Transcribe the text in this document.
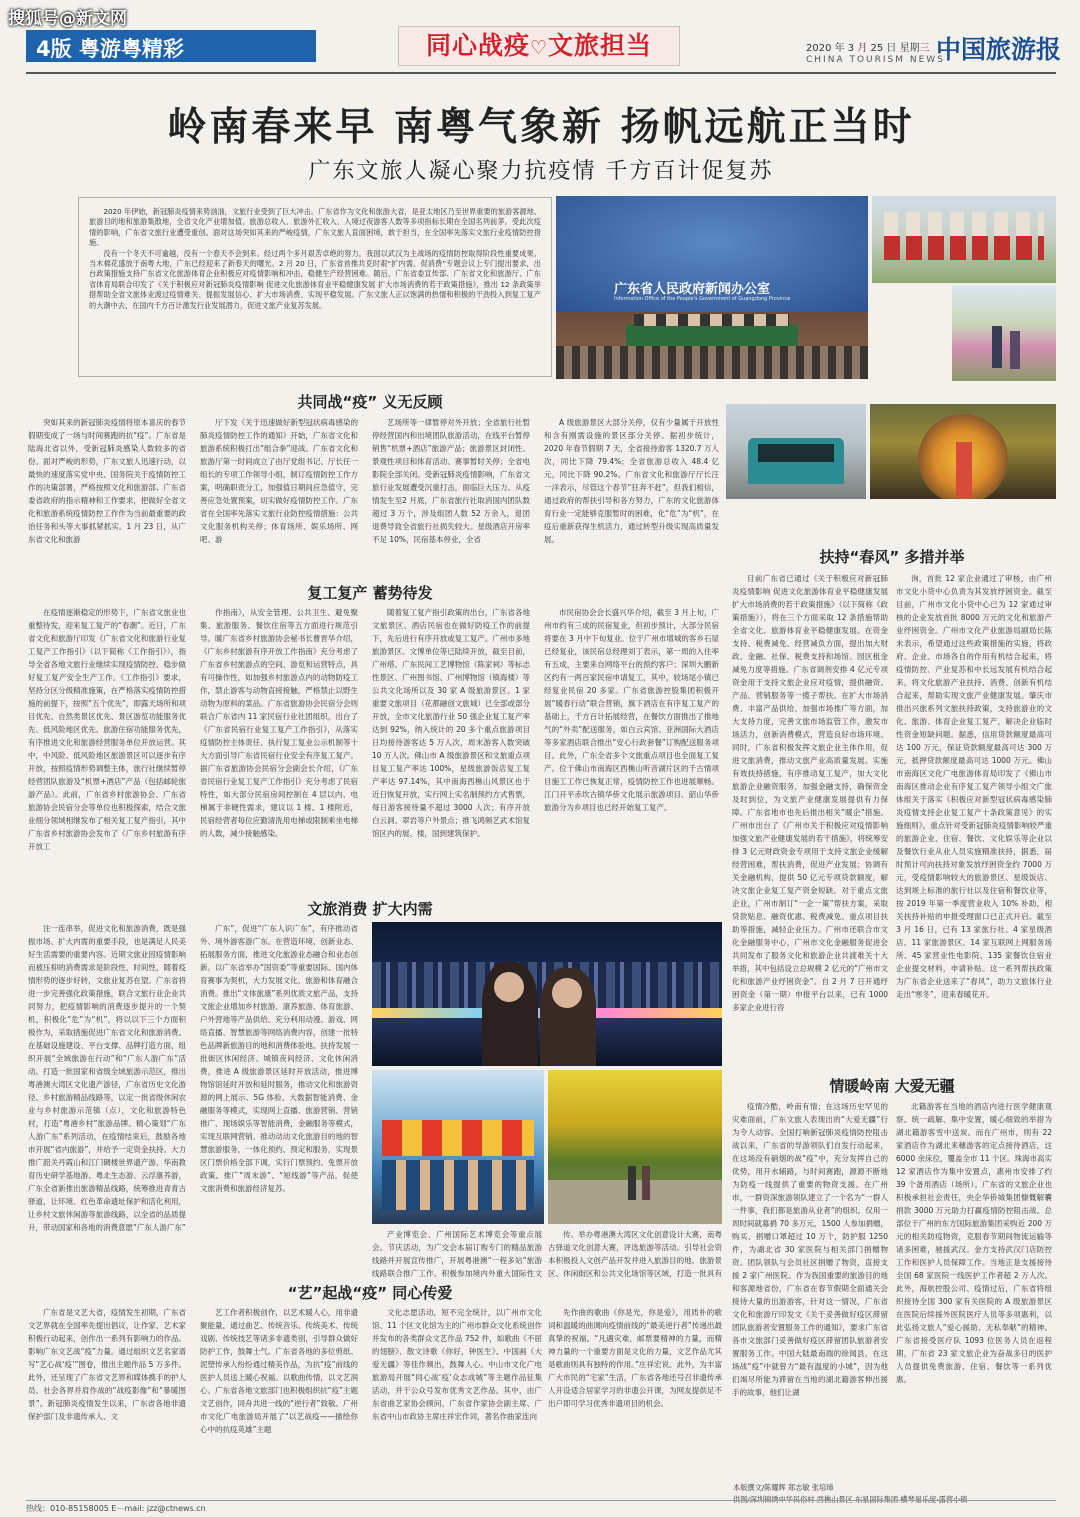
搜狐号@新文网
4版 粤游粤精彩	同心战疫♡文旅担当	2020 年 3 月 25 日 星期三
CHINA TOURISM NEWS
中国旅游报
岭南春来早 南粤气象新 扬帆远航正当时
广东文旅人凝心聚力抗疫情 千方百计促复苏

2020 年伊始，新冠肺炎疫情来势汹汹，文旅行业受到了巨大冲击。广东省作为文化和旅游大省，是亚太地区乃至世界重要的旅游客源地、旅游目的地和旅游集散地，全省文化产业增加值、旅游总收入、旅游外汇收入、入境过夜游客人数等多项指标长期在全国名列前茅。受此次疫情的影响，广东省文旅行业遭受重创。面对这场突如其来的严峻疫情，广东文旅人直面困境，敢于担当，在全国率先落实文旅行业疫情防控措施。

没有一个冬天不可逾越，没有一个春天不会到来。经过两个多月艰苦卓绝的努力，我国以武汉为主战场的疫情防控取得阶段性重要成果。当木棉花盛放于南粤大地，广东已经迎来了新春天的曙光。2 月 20 日，广东省首推共克时艰“扩内需、促消费”专题会议上专门提出要求，出台政策措施支持广东省文化旅游体育企业积极应对疫情影响和冲击，稳健生产经营困难。随后，广东省委宣传部、广东省文化和旅游厅、广东省体育局联合印发了《关于积极应对新冠肺炎疫情影响 促进文化旅游体育业平稳健康发展 扩大市场消费的若干政策措施》，推出 12 条政策举措帮助全省文旅体业渡过疫情难关、提振发展信心、扩大市场消费、实现平稳发展。广东文旅人正以饱满的热情和积极的干劲投入到复工复产的大潮中去，在国内千方百计激发行业发展潜力，促进文旅产业复苏发展。

广东省人民政府新闻办公室
Information Office of the People's Government of Guangdong Province
共同战“疫” 义无反顾
复工复产 蓄势待发
文旅消费 扩大内需
扶持“春风” 多措并举
“艺”起战“疫” 同心传爱
情暖岭南 大爱无疆

突如其来的新冠肺炎疫情将原本喜庆的春节假期变成了一场与时间赛跑的抗“疫”。广东省是陆海北省以外，受新冠肺炎感染人数较多的省份。面对严峻的形势，广东文旅人迅速行动，以最快的速度落实党中央、国务院关于疫情防控工作的决策部署，严格按照文化和旅游部、广东省委省政府的指示精神和工作要求，把做好全省文化和旅游系统疫情防控工作作为当前最重要的政治任务和头等大事抓紧抓实。1 月 23 日，从广东省文化和旅游

厅下发《关于迅速做好新型冠状病毒感染的肺炎疫情防控工作的通知》开始，广东省文化和旅游系统积极打出“组合拳”迎战。广东省文化和旅游厅第一时间成立了由厅党组书记、厅长任一组长的专项工作领导小组，制订疫情防控工作方案，明确职责分工，加强值日期间应急值守，完善应急处置预案，切实做好疫情防控工作。广东省在全国率先落实文旅行业防控疫情措施：公共文化服务机构关停；体育场所、娱乐场所、网吧、游

艺场所等一律暂停对外开放；全省旅行社暂停经营国内和出境团队旅游活动，在线平台暂停销售“机票+酒店”旅游产品；旅游景区封闭性、景观性项目和体育活动、赛事暂时关停；全省电影院全部关闭。受新冠肺炎疫情影响，广东省文旅行业发展遭受沉重打击，面临巨大压力。从疫情发生至2 月底，广东省旅行社取消国内团队数超过 3 万个，涉及组团人数 52 万余人，退团退费导致全省旅行社损失较大。星级酒店开房率不足 10%，民宿基本停业，全省

A 级旅游景区大部分关停，仅有少量属于开放性和含有刚需设施的景区部分关停。据初步统计，2020 年春节假期 7 天，全省接待游客 1320.7 万人次，同比下降 79.4%；全省旅游总收入 48.4 亿元，同比下降 90.2%。广东省文化和旅游厅厅长汪一洋表示，尽管这个春节“狂奔不赶”，但我们相信，通过政府的帮扶引导和各方努力，广东的文化旅游体育行业一定能够克服暂时的困难，化“危”为“机”，在疫后重新获得生机活力，通过转型升级实现高质量发展。

在疫情逐渐稳定的形势下，广东省文旅业也重整待发，迎来复工复产的“春潮”。近日，广东省文化和旅游厅印发《广东省文化和旅游行业复工复产工作指引》（以下简称《工作指引》），指导全省各地文旅行业继续实现疫情防控、稳步做好复工复产安全生产工作。《工作指引》要求，坚持分区分级精准施策，在严格落实疫情防控措施的前提下，按照“五个优先”，即露天场所和项目优先、自然类景区优先、景区游览功能服务优先、低风险地区优先、旅游住宿功能服务优先，有序推进文化和旅游经营服务单位开放运营。其中，中风险、低风险地区旅游景区可以逐步有序开放，按照疫情形势调整主体，旅行社继续暂停经营团队旅游及“机票+酒店”产品（包括邮轮旅游产品）。此前，广东省乡村旅游协会、广东省旅游协会民宿分会等单位也积极探索，结合文旅业细分领域相继发布了相关复工复产指引，其中广东省乡村旅游协会发布了《广东乡村旅游有序开放工

作指南》，从安全管理、公共卫生、避免聚集、旅游服务、餐饮住宿等五方面进行规范引导。暖广东省乡村旅游协会秘书长曹晋华介绍，《广东乡村旅游有序开放工作指南》充分考虑了广东省乡村旅游点的空间、游览和运营特点，具有可操作性，如加强乡村旅游点内的动物防疫工作，禁止游客与动物直接接触，严格禁止以野生动物为原料的菜品。广东省旅游协会民宿分会则联合广东省内 11 家民宿行业社团组织，出台了《广东省民宿行业复工复产工作指引》，从落实疫情防控主体责任、执行复工复业公示机制等十大方面引导广东省民宿行业安全有序复工复产。据广东省旅游协会民宿分会副会长介绍，《广东省民宿行业复工复产工作指引》充分考虑了民宿特性，如大部分民宿房间控制在 4 层以内、电梯属于非硬性需求，建议以 1 楼、1 楼附近，民宿经营者每位应勤清洗用电梯或限制乘坐电梯的人数，减少接触感染。

随着复工复产指引政策的出台，广东省各地文旅景区、酒店民宿也在做好防疫工作的前提下，先后进行有序开放或复工复产。广州市多地旅游景区、文博单位等已陆续开放，截至目前，广州塔、广东民间工艺博物馆（陈家祠）等标志性景区、广州图书馆、广州博物馆（镇海楼）等公共文化场所以及 30 家 A 级旅游景区、1 家重要文旅项目（花都融创文旅城）已全部或部分开放，全市文化旅游行业 50 强企业复工复产率达到 92%，纳入统计的 20 多个重点旅游项目日均接待游客达 5 万人次，周末游客人数突破 10 万人次。佛山市 A 级旅游景区和文旅重点项目复工复产率达 100%，星级旅游饭店复工复产率达 97.14%，其中南海西樵山风景区也于近日恢复开放，实行网上实名制预约方式售票，每日游客接待量不超过 3000 人次；有序开放白云洞、翠岩等户外景点；推飞鸿频艺武术馆复馆区内的展、楼，国到建筑保护。

市民宿协会会长盛兴华介绍，截至 3 月上旬，广州市约有三成的民宿复业，但初步预计，大部分民宿将要在 3 月中下旬复业。位于广州市增城的客乡石屋已经复业，该民宿总经理刘丁表示，第一周的入住率有五成，主要来自网络平台的预约客户；深圳大鹏新区约有一两百家民宿申请复工，其中，较场尾小镇已经复业民宿 20 多家。广东省旅游控股集团积极开展“暖春行动”联合营销，旗下酒店在有序复工复产的基础上，千方百计拓展经营，在餐饮方面推出了推地气的“外卖”配送服务，如白云宾馆、亚洲国际大酒店等多家酒店联合推出“安心行政套餐”订购配送服务项目。此外，广东全省多个文旅重点项目也全面复工复产。位于佛山市南海区西樵山听音湖片区的千古情项目施工工作已恢复正常，疫情防控工作也进展顺畅。江门开平赤坎古镇华侨文化展示旅游项目、韶山华侨旅游分为乡项目也已经开始复工复产。

注一连串举，促进文化和旅游消费，既是强振市场、扩大内需的重要手段，也是满足人民美好生活需要的重要内容。近期文旅业因疫情影响而被压抑的消费需求是阶段性、时间性，随着疫情形势的逐步好转，文旅业复苏在望。广东省将进一步完善强化政策措施，联合文旅行业企业共同努力，把疫情影响的消费逐步提升的一个契机，积极化“危”为“机”，将以以下三个方面积极作为，采取措施促进广东省文化和旅游消费。在基础设施建设、平台支撑、品牌打造方面，组织开展“全域旅游在行动”和“广东人游广东”活动。打造一批国家和省级全域旅游示范区，推出粤港澳大湾区文化遗产游径，广东省历史文化游径、乡村旅游精品线路等，以定一批省级休闲农业与乡村旅游示范镇（点），文化和旅游特色村，打造“粤港乡村”旅游品牌。精心策划“广东人游广东”系列活动，在疫情结束后，鼓励各地市开展“省内旅游”，并给予一定资金扶持。大力推广韶关丹霞山和江门碉楼世界遗产游、华南教育历史研学基地游、粤北生态游、云浮康养游，广东全省新推出旅游精品线路，统筹推进青青古驿道，让环境、红色革命遗址保护和活化利用，让乡村文旅休闲游等旅游线路，以全省的品质提升，带动国家和各地的消费意愿“广东人游广东”

广东”，促进“广东人识广东”，有序推动省外、境外游客游广东。在营造环境、创新业态、拓展服务方面，推进文化旅游业态融合和业态创新。以广东省举办“国资委”等重要国际、国内体育赛事为契机，大力发展文化、旅游和体育融合消费。推出“文体旅康”系列优质文旅产品，支持文旅企业增加乡村旅游、康养旅游、体育旅游、户外营地等产品供给。充分利用动漫、游戏、网络直播、智慧旅游等网络消费内容，创建一批特色品牌新旅游目的地和消费体验地。扶持发展一批街区休闲经济、城镇夜间经济、文化休闲消费，推进 A 级旅游景区延时开放活动，推进博物馆馆延时开放和延时服务，推动文化和旅游资源的网上展示、5G 体验、大数据智能消费、金融服务等模式，实现网上直播、旅游营销、营销推广、现场娱乐等智能消费，金融服务等模式，实现互联网营销、推动动动文化旅游目的地的智慧旅游服务，一体化预约、预定和服务，实现景区门票价格全部下调，实行门票预约、免票开放政策。推广“周末游”、“短线游”等产品，促使文旅消费和旅游经济复苏。

产业博览会、广州国际艺术博览会等重点展会。节庆活动，为广交会本届订购专门的精品旅游线路并开展宣传推广，开展粤港澳“一程多站”旅游线路联合推广工作。积极参加境内外重大国际性文

传。举办粤港澳大湾区文化创意设计大赛，南粤古驿道文化创意大赛，评选旅游等活动。引导社会资本积极投入文创产品开发并进入旅游目的地、旅游景区、休闲街区和公共文化场馆等区域，打造一批具有

目前广东省已通过《关于积极应对新冠肺炎疫情影响 促进文化旅游体育业平稳健康发展 扩大市场消费的若干政策措施》（以下简称《政策措施》），将在三个方面采取 12 条措施帮助全省文化、旅游体育业平稳健康发展。在资金支持、税费减免、经营减负方面，提出加大财政、金融、社保、税费支持和场馆、园区租金减免力度等措施。广东省调剂安排 4 亿元专项资金用于支持文旅企业应对疫情，提供融资、产品、营销服务等一揽子帮扶。在扩大市场消费、丰富产品供给、加强市场推广等方面，加大支持力度，完善文旅市场监管工作，激发市场活力，创新消费模式，营造良好市场环境。同时，广东省积极发挥文旅企业主体作用，促进文旅消费，推动文旅产业高质量发展。实施有效扶持措施，有序推动复工复产，加大文化旅游企业融资服务，加强金融支持，确保资金及时到位，为文旅产业健康发展提供有力保障。广东省地市也先后推出相关“暖企”措施。广州市出台了《广州市关于积极应对疫情影响加强文旅产业健康发展的若干措施》，将统筹安排 3 亿元财政资金专项用于支持文旅企业缓解经营困难，帮扶消费，促进产业发展；协调有关金融机构，提供 50 亿元专项贷款额度，解决文旅企业复工复产资金短缺。对于重点文旅企业，广州市制订“一企一策”帮扶方案，采取贷款贴息、融资优惠、税费减免、重点项目扶助等措施，减轻企业压力。广州市还联合市文化金融服务中心，广州市文化金融服务促进会共同发布了服务文化和旅游企业共渡难关十大举措，其中包括设立总规模 2 亿元的“广州市文化和旅游产业纾困资金”。自 2 月 7 日开通纾困资金（第一期）申报平台以来，已有 1000 多家企业进行咨

询，首批 12 家企业通过了审核，由广州市文化小贷中心负责为其发放纾困资金。截至目前，广州市文化小贷中心已为 12 家通过审核的企业发放首批 8000 万元的文化和旅游产业纾困资金。广州市文化产业旅游局副局长陈未表示，希望通过这些政策措施的实施，将政府、企业、市场各自的作用有机结合起来，将疫情防控、产业复苏和中长远发展有机结合起来，将文化旅游产业扶持、消费、创新有机结合起来，帮助实现文旅产业健康发展。肇庆市推出兴旅系列文旅扶持政策，支持旅游业的文化、旅游、体育企业复工复产，解决企业临时性资金短缺问题。据悉，信用贷款额度最高可达 100 万元，保证贷款额度最高可达 300 万元，抵押贷款额度最高可达 1000 万元。佛山市南海区文化广电旅游体育局印发了《佛山市南海区推动企业有序复工复产领导小组文广旅体组关于落实《积极应对新型冠状病毒感染肺炎疫情支持企业复工复产十条政策意见》的实施细则》，重点针对受新冠肺炎疫情影响较严重的旅游企业、住宿、餐饮、文化娱乐等企业以及餐饮行业从业人员实施精准扶持，据悉，届时预计可向扶持对象发放纾困资金约 7000 万元，受疫情影响较大的旅游景区、星级饭店、达到规上标准的旅行社以及住宿和餐饮业等，按 2019 年第一季度营业收入 10% 补助，相关扶持补贴的申报受理窗口已正式开启。截至 3 月 16 日，已有 13 家旅行社、4 家星级酒店、11 家旅游景区、14 家互联网上网服务场所、45 家营业性电影院、135 家餐饮住宿业企业提交材料，申请补贴。这一系列帮扶政策为广东省企业送来了“春风”，助力文旅体行业走出“寒冬”，迎来春暖花开。

广东省是文艺大省，疫情发生初期，广东省文艺界就在全国率先提出倡议，让作家、艺术家积极行动起来，创作出一系列有影响力的作品。影响广东文艺战“疫”力量。通过组织文艺名家谱写“艺心战‘疫’”图卷，推出主题作品 5 万多件。此外，还呈现了广东省文艺界和媒体携手的护人员、社会各界并肩作战的“战疫影像”和“暴暖图景”。新冠肺炎疫情发生以来，广东省各地非遗保护部门及非遗传承人、文

艺工作者积极创作，以艺术暖人心，用非遗聚能量，通过曲艺、传统音乐、传统美术、传统戏剧、传统技艺等诸多非遗类别，引导群众做好防护工作，鼓舞士气。广东省各地的多位剪纸、泥塑传承人纷纷通过精美作品，为抗“疫”前线的医护人员送上暖心祝福。以歌曲传情，以文艺润心。广东省各地文旅部门也积极组织抗“疫”主题文艺创作，同舟共进一线的“逆行者”致敬。广州市文化广电旅游局开展了“以艺战疫——描绘你心中的抗疫英雄”主题

文化志愿活动，短不完全统计，以广州市文化馆、11 个区文化馆为主的广州市群众文化系统创作并发布的各类群众文艺作品 752 件，如歌曲《不屈的翅膀》、散文诗歌《你好，钟医生》、中国画《大爱无疆》等佳作频出，鼓舞人心。中山市文化广电旅游局开展“同心战‘疫’众志成城”等主题作品征集活动，并于公众号发布优秀文艺作品。其中，由广东省曲艺家协会顾问、广东省作家协会副主席、广东省中山市政协主席庄祥宏作词，著名作曲家连向

先作曲的歌曲《你是光，你是爱》，用质朴的歌词和温暖的曲调向疫情前线的“最美逆行者”传递出最真挚的祝福。“凡遇灾难，邮票要精神的力量，而精神力量的一个重要方面是文化的力量，文艺作品尤其是歌曲则具有独特的作用。”庄祥宏说。此外，为丰富广大市民的“宅家”生活，广东省各地还号召非遗传承人开设适合居家学习的非遗公开课，为网友提供足不出户即可学习优秀非遗项目的机会。

疫情冷酷，岭南有情；在这场历史罕见的灾难面前，广东文旅人表现出的“大爱无疆”行为令人动容。全国打响新冠肺炎疫情防控阻击战以来，广东省的导游领队们自发行动起来，在这场没有硝烟的战“疫”中，充分发挥自己的优势，用开水辅路，与时间赛跑，源源不断地为防疫一线提供了重要的物资支援。在广州市，一群资深旅游领队建立了一个名为“一群人一件事，我们都是旅游从业者”的组织。仅用一周时间就募捐 70 多万元，1500 人参加捐赠，购买、捐赠口罩超过 10 万个，防护服 1250 件，为湖北省 30 家医院与相关部门捐赠物资。团队领队与会员社区捐赠了物资，直接支援 2 家广州医院。作为我国重要的旅游目的地和客源地省份，广东省在春节假期全面通关会接待大量的出游游客，针对这一情况，广东省文化和旅游厅印发文《关于妥善做好疫区滞留团队旅游者安置服务工作的通知》，要求广东省各市文旅部门妥善做好疫区滞留团队旅游者安置服务工作。中国大陆最南端的徐闻县，在这场战“疫”中就曾力“最有温度的小城”，因为他们竭尽所能为滞留在当地的湖北籍游客伸出援手的故事，他们让湖

北籍游客在当地的酒店内进行医学健康观察。统一疏解、集中安置，暖心细致的举措为湖北籍游客雪中送炭。而在广州市，则有 22 家酒店作为湖北来穗游客的定点接待酒店，这 6000 余床位，覆盖全市 11 个区。珠海市高实 12 家酒店作为集中安置点，惠州市安排了约 39 个备用酒店（场所）。广东省的文旅企业也积极承担社会责任，央企华侨城集团慷慨解囊捐款 3000 万元助力打赢疫情防控阻击战。总部位于广州的东方国际旅游集团采购近 200 万元的相关防疫物资，克服春节期间物流运输等诸多困难，驰援武汉。金方支持武汉门店防控工作和医护人员保障工作。当地正是支援接待全国 68 家医院一线医护工作者超 2 万人次。此外，海航控股公司、疫情过后，广东省将组织接待全国 300 家有关医院的 A 级旅游景区在医院后续援外医院医疗人员等多项惠利，以此弘扬文旅人“爱心援助、无私奉献”的精神。广东省接受医疗队 1093 位医务人员在返程期，广东省 23 家文旅企业为奋战多日的医护人员提供免费旅游、住宿、餐饮等一系列优惠。

本版撰文/陈耀辉 郑志敏 张培璋
供图/深圳锦绣中华民俗村 西樵山景区 东星国际集团 横琴星乐度·露营小镇
热线：010-85158005 E－mail: jzz@ctnews.cn
